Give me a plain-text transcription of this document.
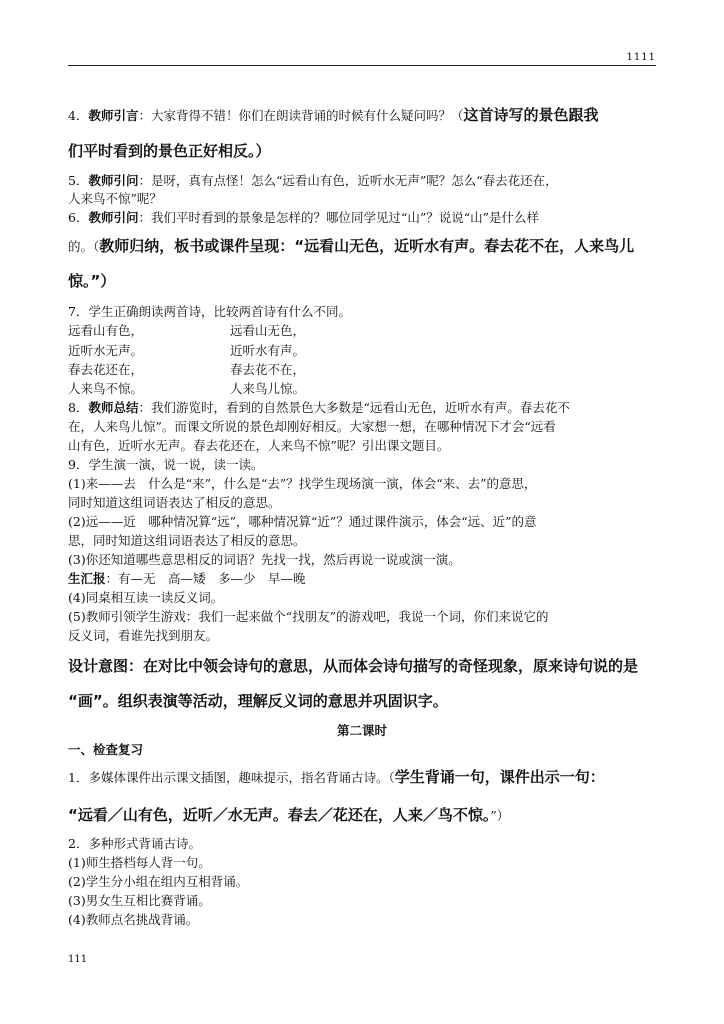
1111
4．教师引言：大家背得不错！你们在朗读背诵的时候有什么疑问吗？（这首诗写的景色跟我
们平时看到的景色正好相反。）
5．教师引问：是呀，真有点怪！怎么“远看山有色，近听水无声”呢？怎么“春去花还在，
人来鸟不惊”呢？
6．教师引问：我们平时看到的景象是怎样的？哪位同学见过“山”？说说“山”是什么样
的。（教师归纳，板书或课件呈现：“远看山无色，近听水有声。春去花不在，人来鸟儿
惊。”）
7．学生正确朗读两首诗，比较两首诗有什么不同。
远看山有色，	远看山无色，
近听水无声。	近听水有声。
春去花还在，	春去花不在，
人来鸟不惊。	人来鸟儿惊。
8．教师总结：我们游览时，看到的自然景色大多数是“远看山无色，近听水有声。春去花不
在，人来鸟儿惊”。而课文所说的景色却刚好相反。大家想一想，在哪种情况下才会“远看
山有色，近听水无声。春去花还在，人来鸟不惊”呢？引出课文题目。
9．学生演一演，说一说，读一读。
(1)来——去　什么是“来”，什么是“去”？找学生现场演一演，体会“来、去”的意思，
同时知道这组词语表达了相反的意思。
(2)远——近　哪种情况算“远”，哪种情况算“近”？通过课件演示，体会“远、近”的意
思，同时知道这组词语表达了相反的意思。
(3)你还知道哪些意思相反的词语？先找一找，然后再说一说或演一演。
生汇报：有—无　高—矮　多—少　早—晚
(4)同桌相互读一读反义词。
(5)教师引领学生游戏：我们一起来做个“找朋友”的游戏吧，我说一个词，你们来说它的
反义词，看谁先找到朋友。
设计意图：在对比中领会诗句的意思，从而体会诗句描写的奇怪现象，原来诗句说的是
“画”。组织表演等活动，理解反义词的意思并巩固识字。
第二课时
一、检查复习
1．多媒体课件出示课文插图，趣味提示，指名背诵古诗。（学生背诵一句，课件出示一句：
“远看／山有色，近听／水无声。春去／花还在，人来／鸟不惊。”）
2．多种形式背诵古诗。
(1)师生搭档每人背一句。
(2)学生分小组在组内互相背诵。
(3)男女生互相比赛背诵。
(4)教师点名挑战背诵。
111
